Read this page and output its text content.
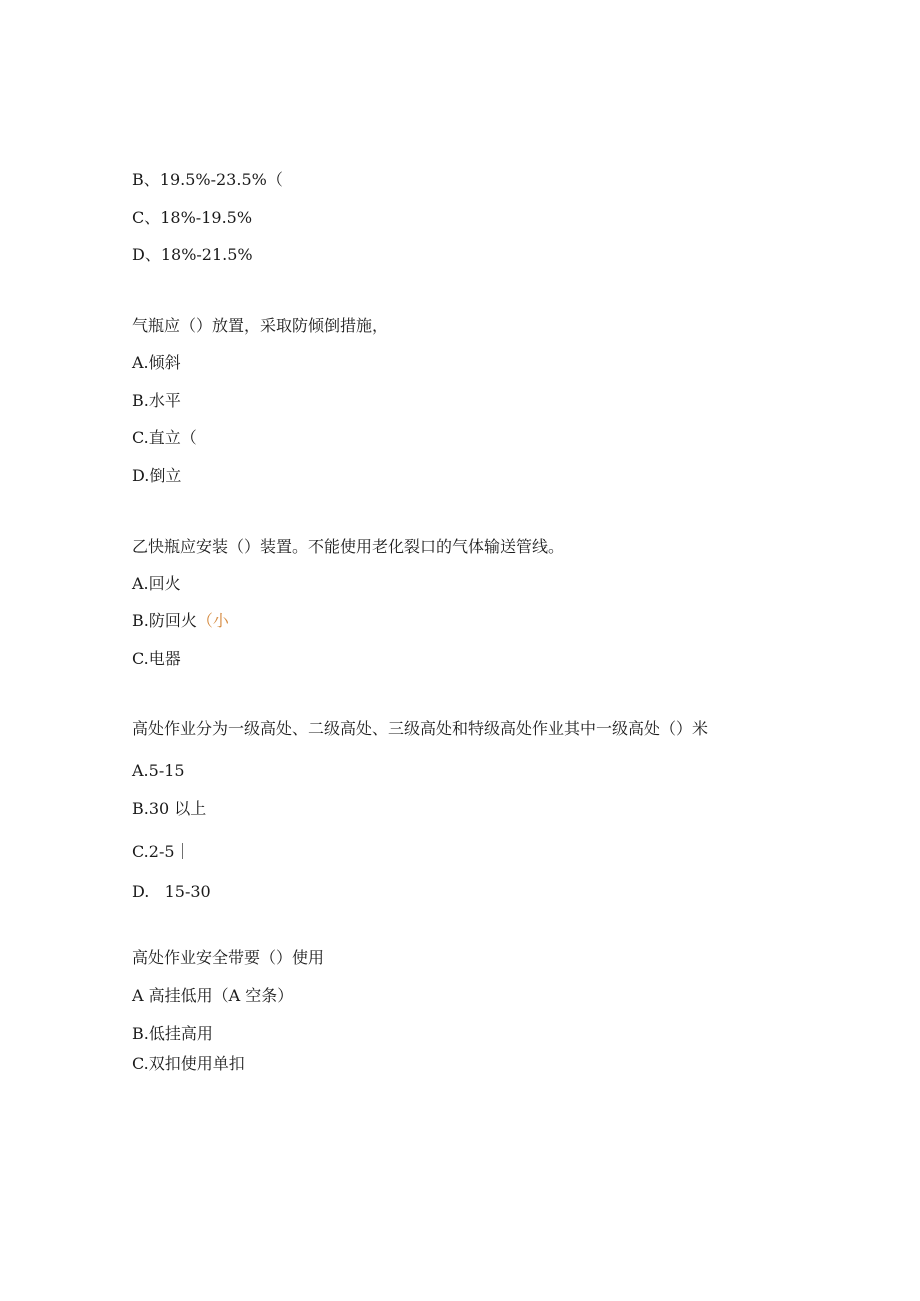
B、19.5%-23.5%（
C、18%-19.5%
D、18%-21.5%
气瓶应（）放置，采取防倾倒措施，
A.倾斜
B.水平
C.直立（
D.倒立
乙快瓶应安装（）装置。不能使用老化裂口的气体输送管线。
A.回火
B.防回火（小
C.电器
高处作业分为一级高处、二级高处、三级高处和特级高处作业其中一级高处（）米
A.5-15
B.30 以上
C.2-5｜
D.   15-30
高处作业安全带要（）使用
A 高挂低用（A 空条）
B.低挂高用
C.双扣使用单扣
